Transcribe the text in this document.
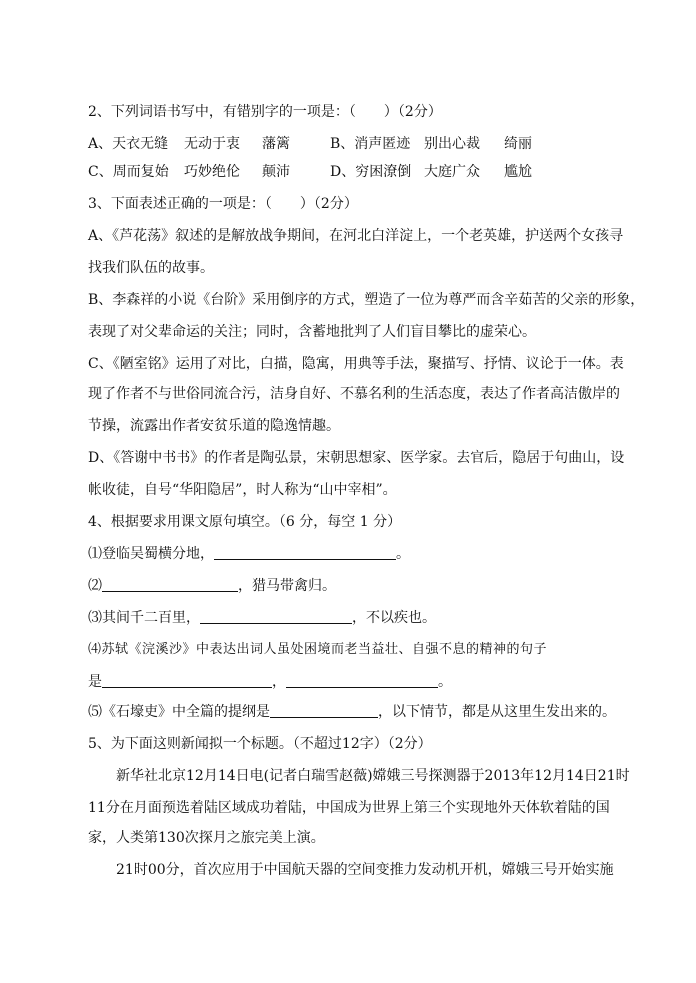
2、下列词语书写中，有错别字的一项是：（　　）（2分）
A、天衣无缝 无动于衷 藩篱	B、消声匿迹 别出心裁 绮丽
C、周而复始 巧妙绝伦 颠沛	D、穷困潦倒 大庭广众 尴尬
3、下面表述正确的一项是：（　　）（2分）
A、《芦花荡》叙述的是解放战争期间，在河北白洋淀上，一个老英雄，护送两个女孩寻
找我们队伍的故事。
B、李森祥的小说《台阶》采用倒序的方式，塑造了一位为尊严而含辛茹苦的父亲的形象，
表现了对父辈命运的关注；同时，含蓄地批判了人们盲目攀比的虚荣心。
C、《陋室铭》运用了对比，白描，隐寓，用典等手法，聚描写、抒情、议论于一体。表
现了作者不与世俗同流合污，洁身自好、不慕名利的生活态度，表达了作者高洁傲岸的
节操，流露出作者安贫乐道的隐逸情趣。
D、《答谢中书书》的作者是陶弘景，宋朝思想家、医学家。去官后，隐居于句曲山，设
帐收徒，自号“华阳隐居”，时人称为“山中宰相”。
4、根据要求用课文原句填空。（6 分，每空 1 分）
⑴登临吴蜀横分地，	。
⑵	，猎马带禽归。
⑶其间千二百里，	，不以疾也。
⑷苏轼《浣溪沙》中表达出词人虽处困境而老当益壮、自强不息的精神的句子
是	，	。
⑸《石壕吏》中全篇的提纲是	，以下情节，都是从这里生发出来的。
5、为下面这则新闻拟一个标题。（不超过12字）（2分）
新华社北京12月14日电(记者白瑞雪赵薇)嫦娥三号探测器于2013年12月14日21时
11分在月面预选着陆区域成功着陆，中国成为世界上第三个实现地外天体软着陆的国
家，人类第130次探月之旅完美上演。
21时00分，首次应用于中国航天器的空间变推力发动机开机，嫦娥三号开始实施
